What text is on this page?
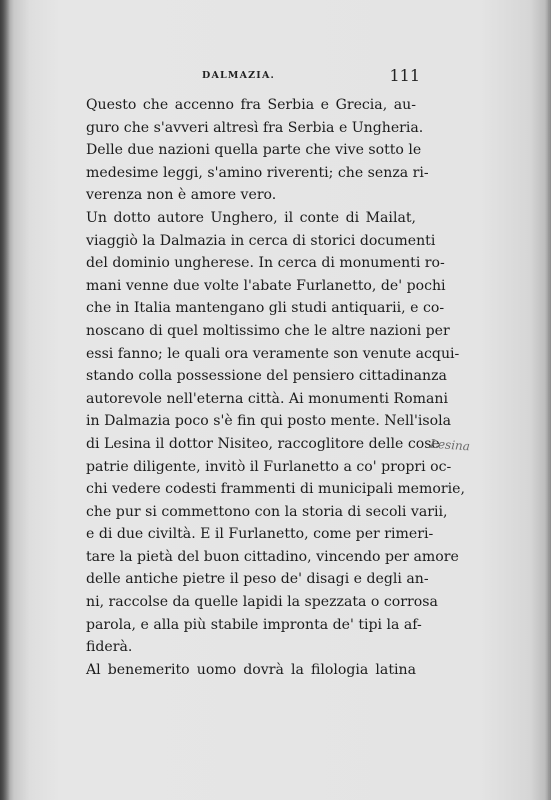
DALMAZIA.	111
Questo che accenno fra Serbia e Grecia, au-
guro che s'avveri altresì fra Serbia e Ungheria.
Delle due nazioni quella parte che vive sotto le
medesime leggi, s'amino riverenti; che senza ri-
verenza non è amore vero.
Un dotto autore Unghero, il conte di Mailat,
viaggiò la Dalmazia in cerca di storici documenti
del dominio ungherese. In cerca di monumenti ro-
mani venne due volte l'abate Furlanetto, de' pochi
che in Italia mantengano gli studi antiquarii, e co-
noscano di quel moltissimo che le altre nazioni per
essi fanno; le quali ora veramente son venute acqui-
stando colla possessione del pensiero cittadinanza
autorevole nell'eterna città. Ai monumenti Romani
in Dalmazia poco s'è fin qui posto mente. Nell'isola
di Lesina il dottor Nisiteo, raccoglitore delle cose
patrie diligente, invitò il Furlanetto a co' propri oc-
chi vedere codesti frammenti di municipali memorie,
che pur si commettono con la storia di secoli varii,
e di due civiltà. E il Furlanetto, come per rimeri-
tare la pietà del buon cittadino, vincendo per amore
delle antiche pietre il peso de' disagi e degli an-
ni, raccolse da quelle lapidi la spezzata o corrosa
parola, e alla più stabile impronta de' tipi la af-
fiderà.
Al benemerito uomo dovrà la filologia latina
Lesina
